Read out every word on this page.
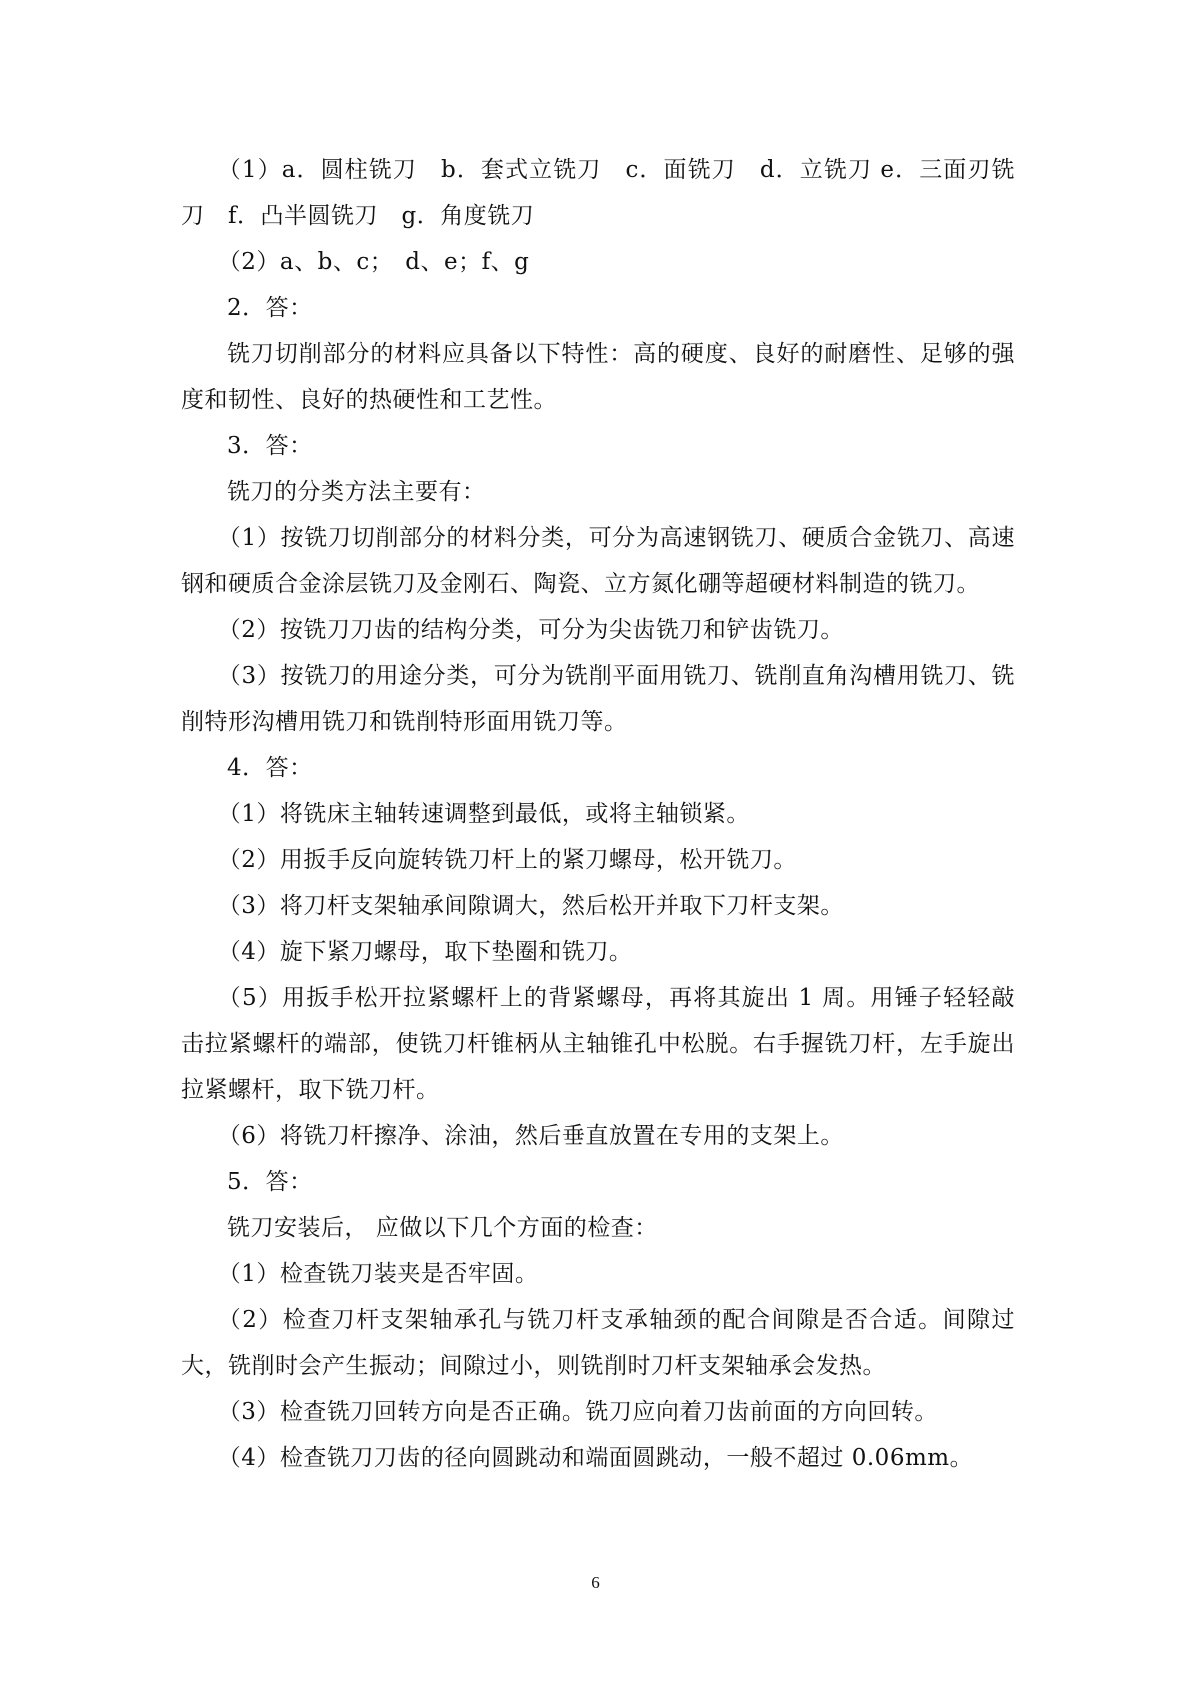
（1）a．圆柱铣刀　b．套式立铣刀　c．面铣刀　d．立铣刀 e．三面刃铣刀　f．凸半圆铣刀　g．角度铣刀

（2）a、b、c；　d、e；f、g

2．答：

铣刀切削部分的材料应具备以下特性：高的硬度、良好的耐磨性、足够的强度和韧性、良好的热硬性和工艺性。

3．答：

铣刀的分类方法主要有：

（1）按铣刀切削部分的材料分类，可分为高速钢铣刀、硬质合金铣刀、高速钢和硬质合金涂层铣刀及金刚石、陶瓷、立方氮化硼等超硬材料制造的铣刀。

（2）按铣刀刀齿的结构分类，可分为尖齿铣刀和铲齿铣刀。

（3）按铣刀的用途分类，可分为铣削平面用铣刀、铣削直角沟槽用铣刀、铣削特形沟槽用铣刀和铣削特形面用铣刀等。

4．答：

（1）将铣床主轴转速调整到最低，或将主轴锁紧。

（2）用扳手反向旋转铣刀杆上的紧刀螺母，松开铣刀。

（3）将刀杆支架轴承间隙调大，然后松开并取下刀杆支架。

（4）旋下紧刀螺母，取下垫圈和铣刀。

（5）用扳手松开拉紧螺杆上的背紧螺母，再将其旋出 1 周。用锤子轻轻敲击拉紧螺杆的端部，使铣刀杆锥柄从主轴锥孔中松脱。右手握铣刀杆，左手旋出拉紧螺杆，取下铣刀杆。

（6）将铣刀杆擦净、涂油，然后垂直放置在专用的支架上。

5．答：

铣刀安装后， 应做以下几个方面的检查：

（1）检查铣刀装夹是否牢固。

（2）检查刀杆支架轴承孔与铣刀杆支承轴颈的配合间隙是否合适。间隙过大，铣削时会产生振动；间隙过小，则铣削时刀杆支架轴承会发热。

（3）检查铣刀回转方向是否正确。铣刀应向着刀齿前面的方向回转。

（4）检查铣刀刀齿的径向圆跳动和端面圆跳动，一般不超过 0.06mm。

6
